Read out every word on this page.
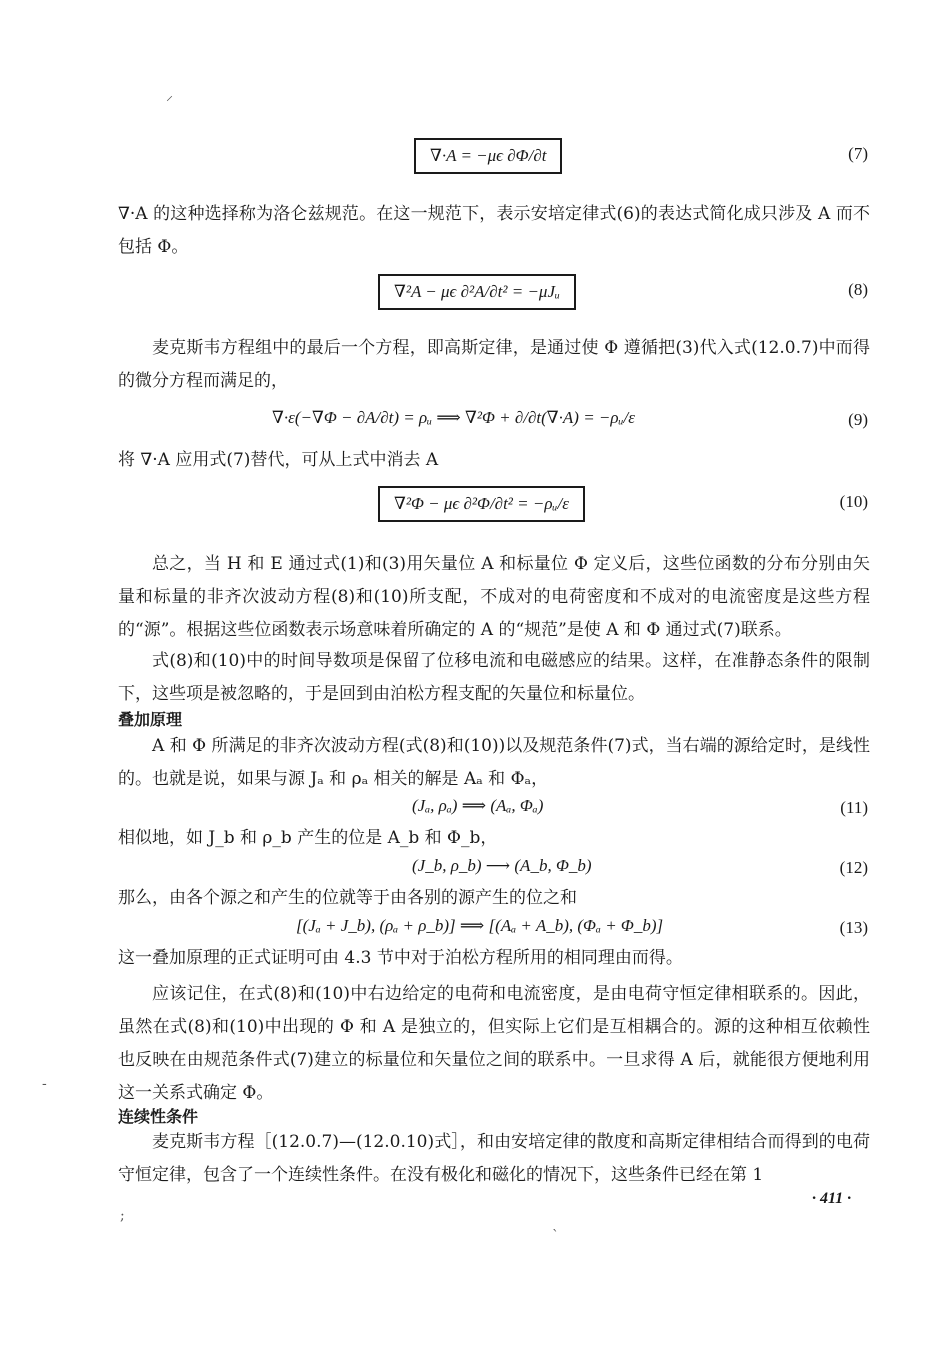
⸝
∇·A = −μϵ ∂Φ/∂t	(7)

∇·A 的这种选择称为洛仑兹规范。在这一规范下，表示安培定律式(6)的表达式简化成只涉及 A 而不包括 Φ。

∇²A − μϵ ∂²A/∂t² = −μJᵤ	(8)

麦克斯韦方程组中的最后一个方程，即高斯定律，是通过使 Φ 遵循把(3)代入式(12.0.7)中而得的微分方程而满足的，

∇·ε(−∇Φ − ∂A/∂t) = ρᵤ ⟹ ∇²Φ + ∂/∂t(∇·A) = −ρᵤ/ε	(9)

将 ∇·A 应用式(7)替代，可从上式中消去 A

∇²Φ − μϵ ∂²Φ/∂t² = −ρᵤ/ε	(10)

总之，当 H 和 E 通过式(1)和(3)用矢量位 A 和标量位 Φ 定义后，这些位函数的分布分别由矢量和标量的非齐次波动方程(8)和(10)所支配，不成对的电荷密度和不成对的电流密度是这些方程的“源”。根据这些位函数表示场意味着所确定的 A 的“规范”是使 A 和 Φ 通过式(7)联系。

式(8)和(10)中的时间导数项是保留了位移电流和电磁感应的结果。这样，在准静态条件的限制下，这些项是被忽略的，于是回到由泊松方程支配的矢量位和标量位。

叠加原理

A 和 Φ 所满足的非齐次波动方程(式(8)和(10))以及规范条件(7)式，当右端的源给定时，是线性的。也就是说，如果与源 Jₐ 和 ρₐ 相关的解是 Aₐ 和 Φₐ，

(Jₐ, ρₐ) ⟹ (Aₐ, Φₐ)	(11)

相似地，如 J_b 和 ρ_b 产生的位是 A_b 和 Φ_b，

(J_b, ρ_b) ⟶ (A_b, Φ_b)	(12)

那么，由各个源之和产生的位就等于由各别的源产生的位之和

[(Jₐ + J_b), (ρₐ + ρ_b)] ⟹ [(Aₐ + A_b), (Φₐ + Φ_b)]	(13)

这一叠加原理的正式证明可由 4.3 节中对于泊松方程所用的相同理由而得。

应该记住，在式(8)和(10)中右边给定的电荷和电流密度，是由电荷守恒定律相联系的。因此，虽然在式(8)和(10)中出现的 Φ 和 A 是独立的，但实际上它们是互相耦合的。源的这种相互依赖性也反映在由规范条件式(7)建立的标量位和矢量位之间的联系中。一旦求得 A 后，就能很方便地利用这一关系式确定 Φ。

连续性条件

麦克斯韦方程［(12.0.7)—(12.0.10)式］，和由安培定律的散度和高斯定律相结合而得到的电荷守恒定律，包含了一个连续性条件。在没有极化和磁化的情况下，这些条件已经在第 1

· 411 ·
-
;
`
